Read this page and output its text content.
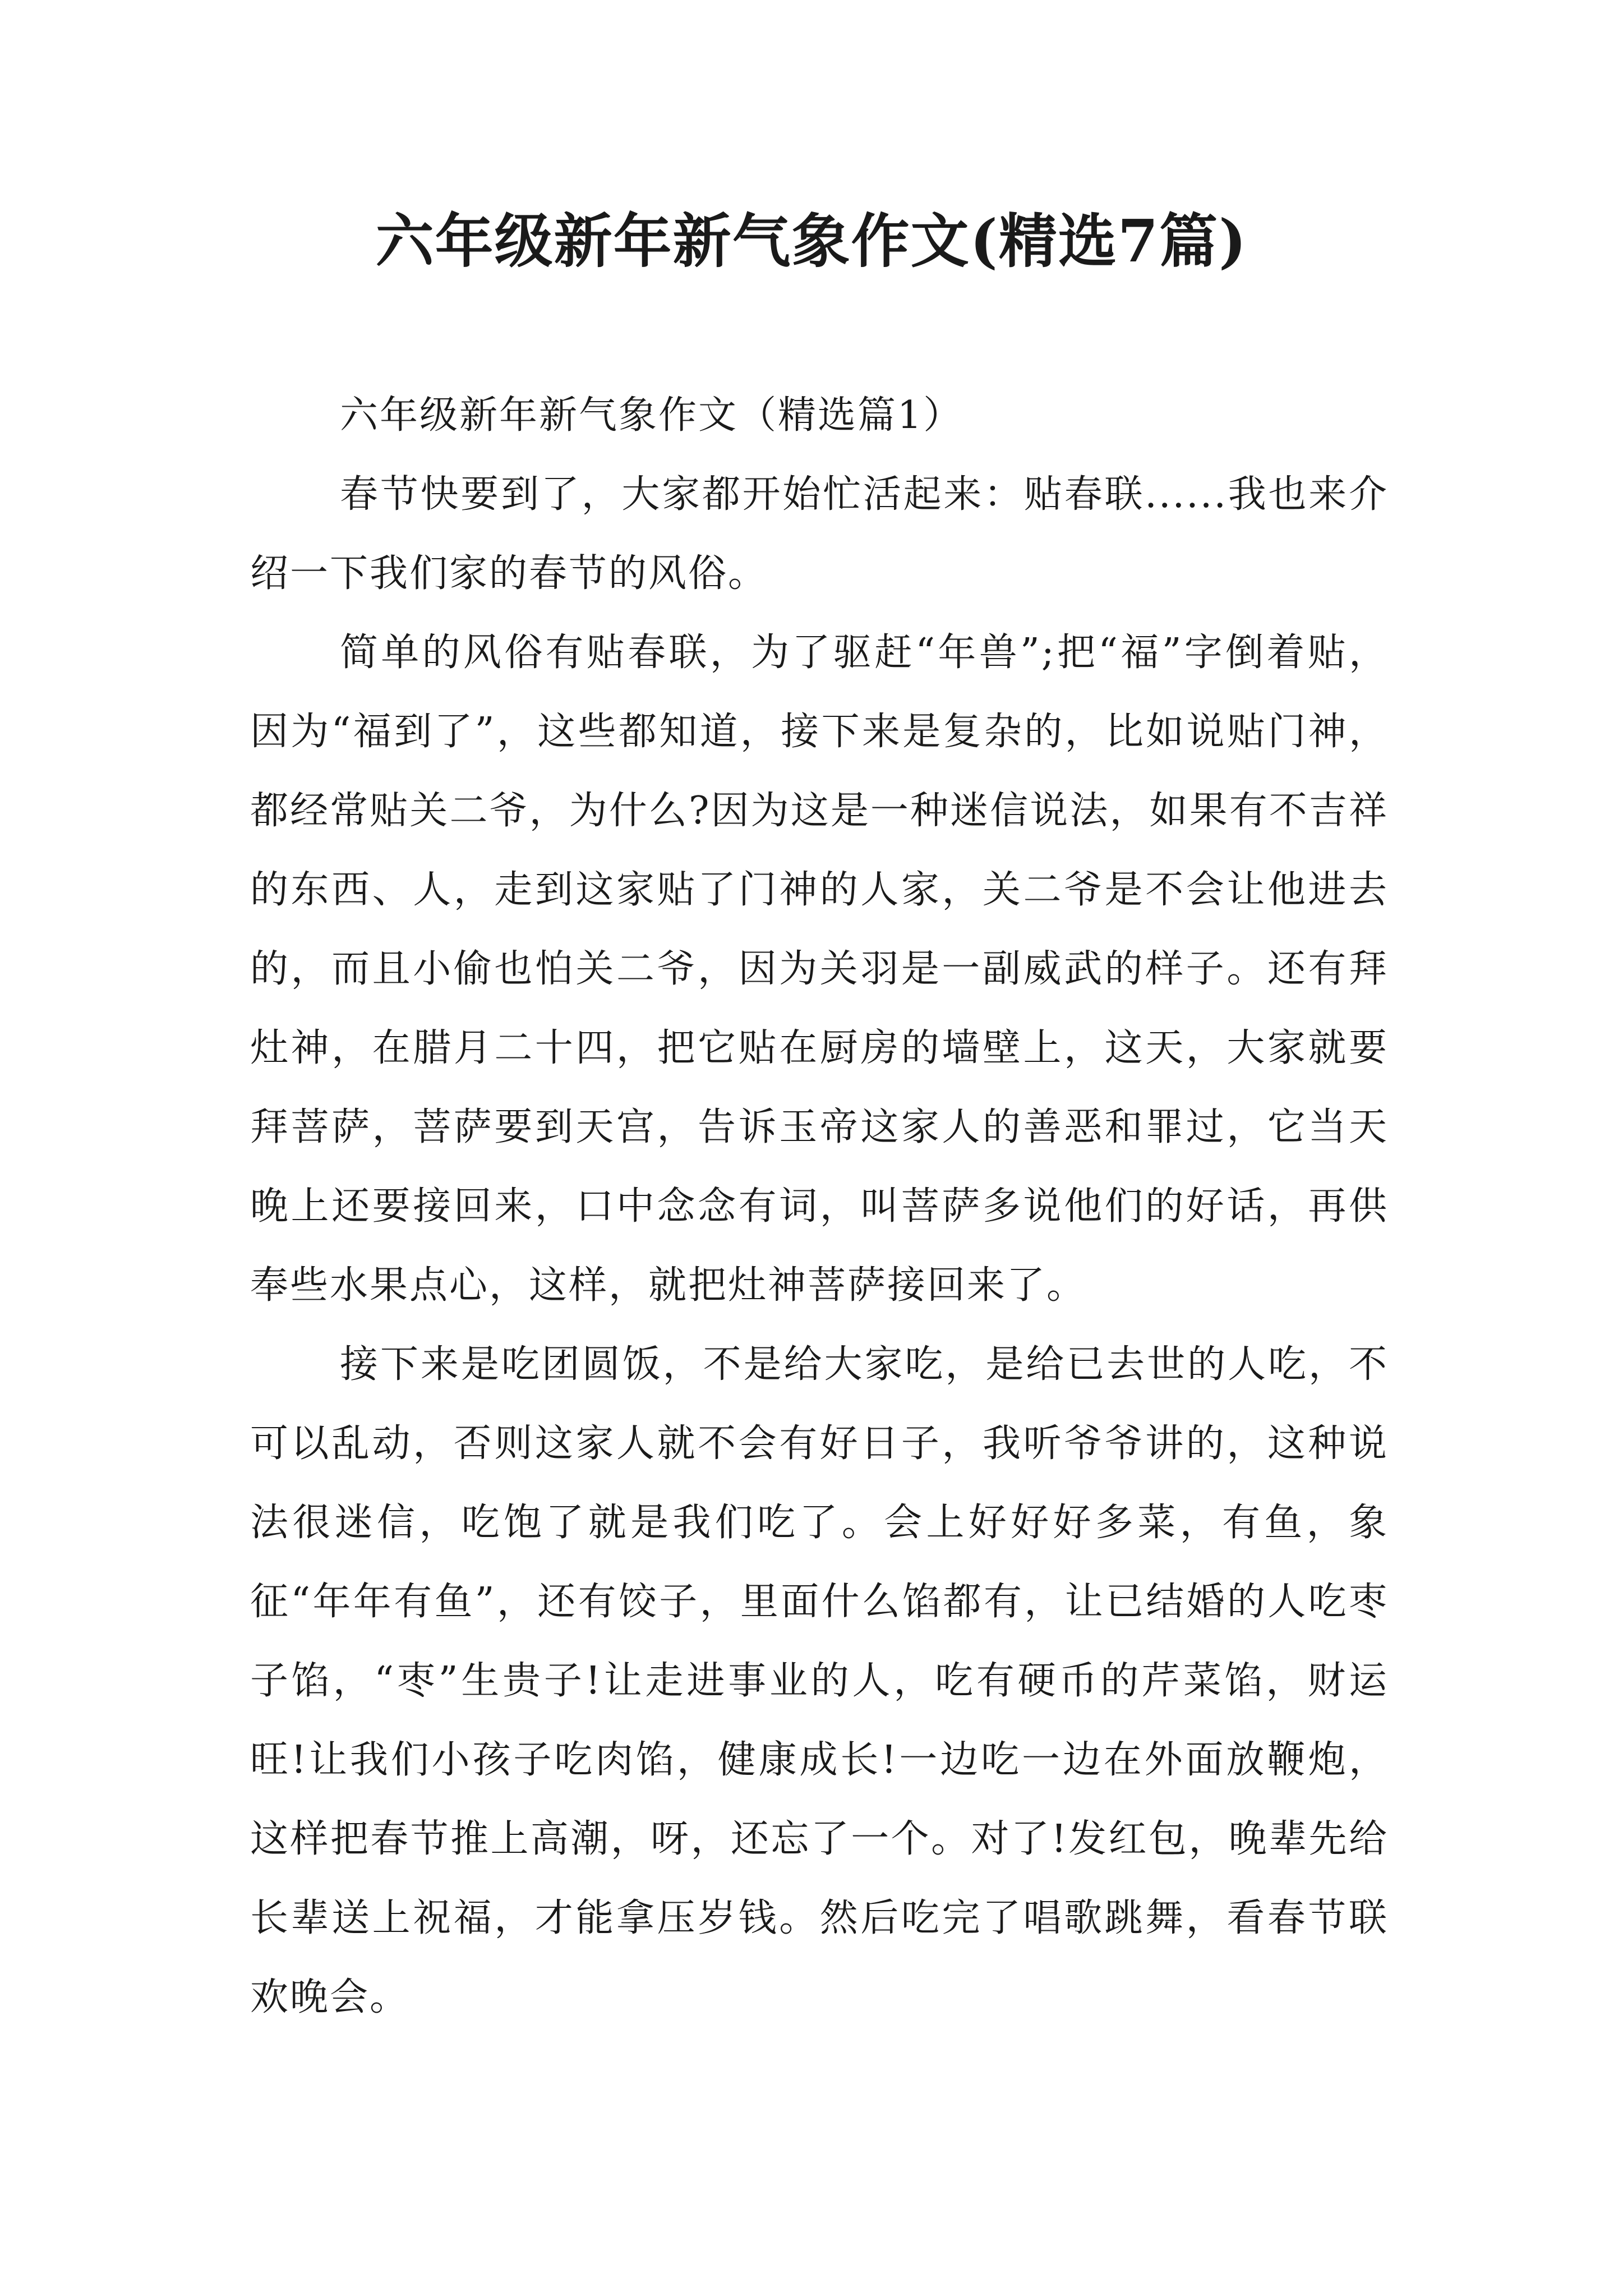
六年级新年新气象作文(精选7篇)

六年级新年新气象作文（精选篇1）

春节快要到了，大家都开始忙活起来：贴春联......我也来介绍一下我们家的春节的风俗。

简单的风俗有贴春联，为了驱赶“年兽”;把“福”字倒着贴，因为“福到了”，这些都知道，接下来是复杂的，比如说贴门神，都经常贴关二爷，为什么?因为这是一种迷信说法，如果有不吉祥的东西、人，走到这家贴了门神的人家，关二爷是不会让他进去的，而且小偷也怕关二爷，因为关羽是一副威武的样子。还有拜灶神，在腊月二十四，把它贴在厨房的墙壁上，这天，大家就要拜菩萨，菩萨要到天宫，告诉玉帝这家人的善恶和罪过，它当天晚上还要接回来，口中念念有词，叫菩萨多说他们的好话，再供奉些水果点心，这样，就把灶神菩萨接回来了。

接下来是吃团圆饭，不是给大家吃，是给已去世的人吃，不可以乱动，否则这家人就不会有好日子，我听爷爷讲的，这种说法很迷信，吃饱了就是我们吃了。会上好好好多菜，有鱼，象征“年年有鱼”，还有饺子，里面什么馅都有，让已结婚的人吃枣子馅，“枣”生贵子!让走进事业的人，吃有硬币的芹菜馅，财运旺!让我们小孩子吃肉馅，健康成长!一边吃一边在外面放鞭炮，这样把春节推上高潮，呀，还忘了一个。对了!发红包，晚辈先给长辈送上祝福，才能拿压岁钱。然后吃完了唱歌跳舞，看春节联欢晚会。
